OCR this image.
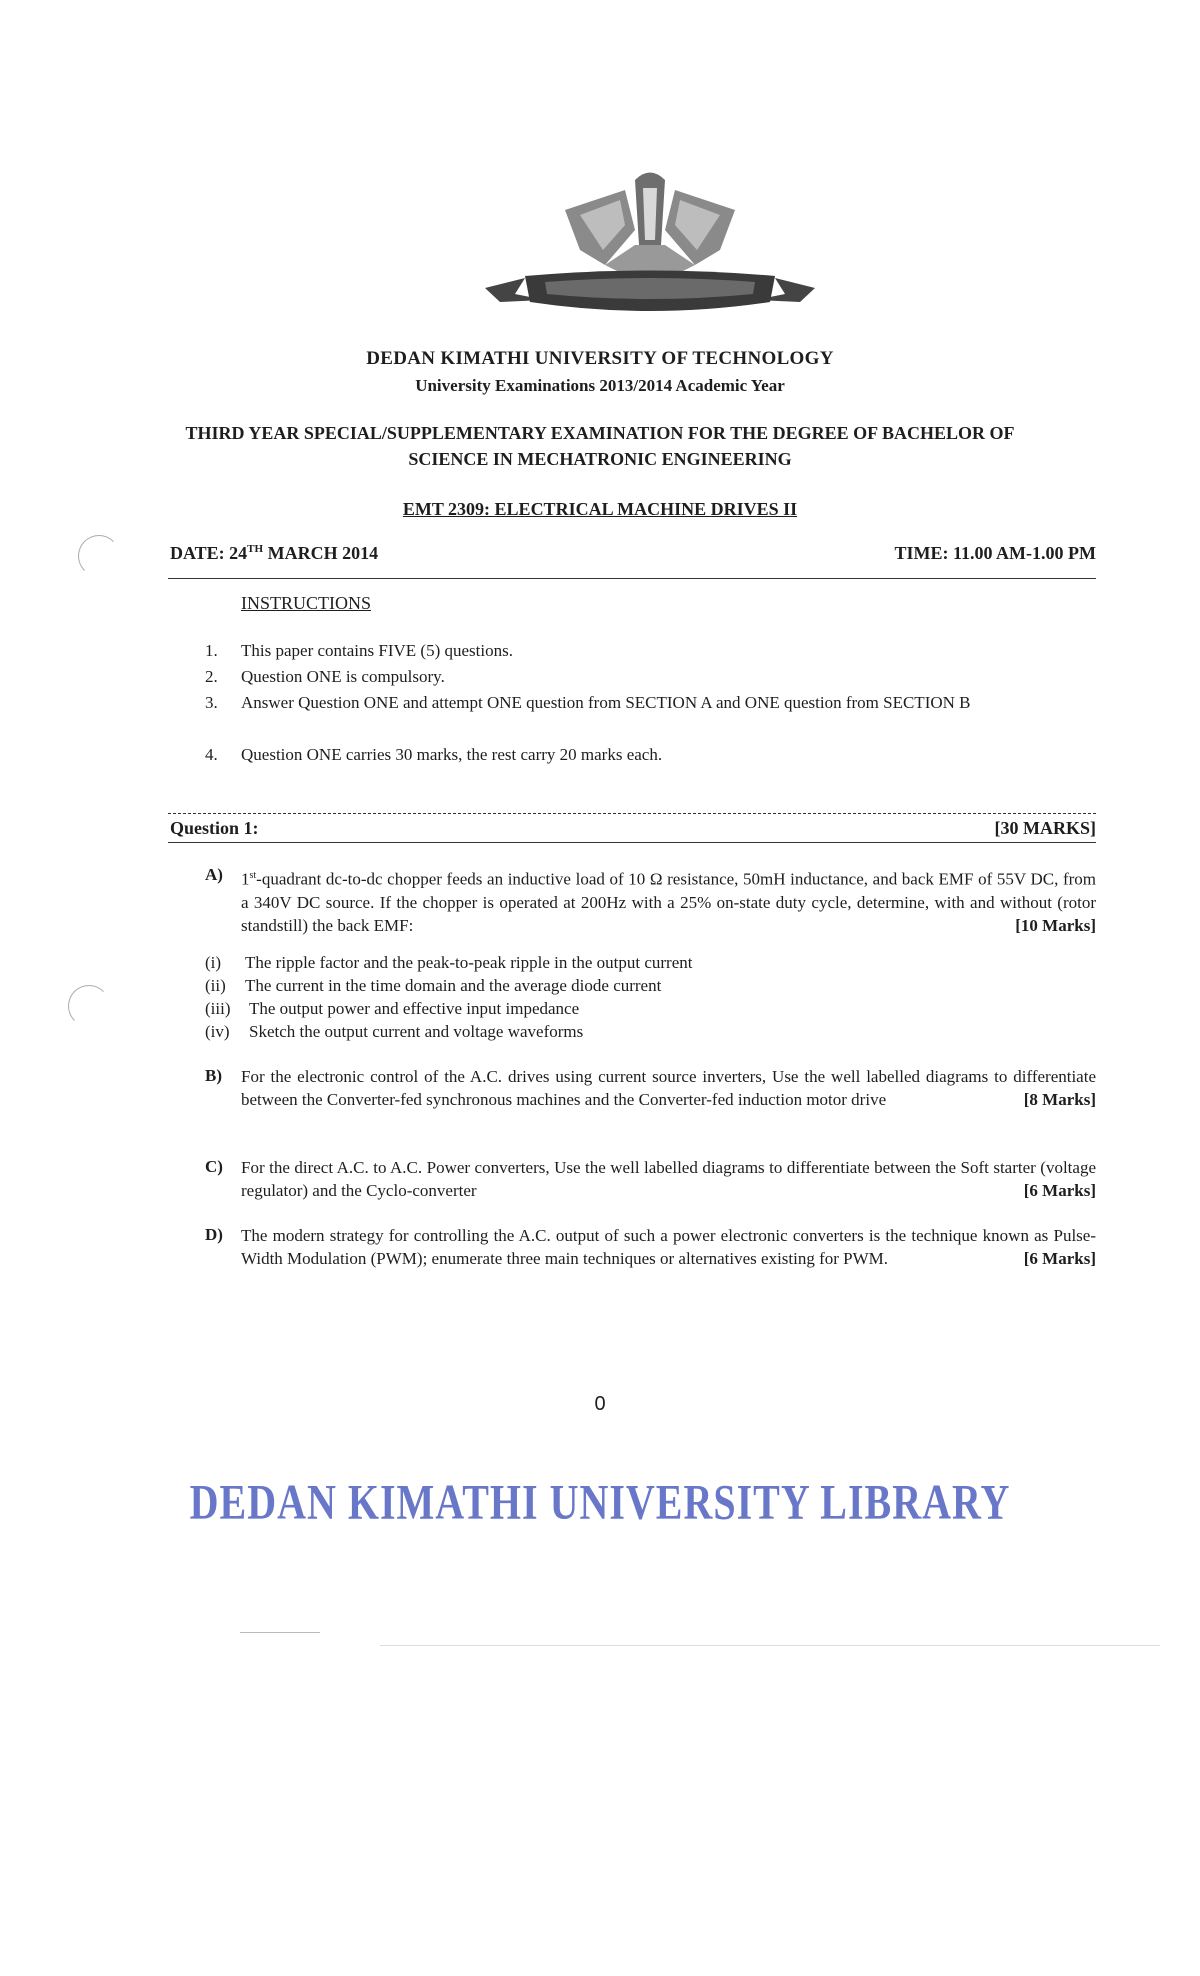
DEDAN KIMATHI UNIVERSITY OF TECHNOLOGY
University Examinations 2013/2014 Academic Year
THIRD YEAR SPECIAL/SUPPLEMENTARY EXAMINATION FOR THE DEGREE OF BACHELOR OF
SCIENCE IN MECHATRONIC ENGINEERING
EMT 2309: ELECTRICAL MACHINE DRIVES II
DATE: 24TH MARCH 2014	TIME: 11.00 AM-1.00 PM
INSTRUCTIONS
1.	This paper contains FIVE (5) questions.
2.	Question ONE is compulsory.
3.	Answer Question ONE and attempt ONE question from SECTION A and ONE question from SECTION B
4.	Question ONE carries 30 marks, the rest carry 20 marks each.
Question 1:	[30 MARKS]
A) 1st-quadrant dc-to-dc chopper feeds an inductive load of 10 Ω resistance, 50mH inductance, and back EMF of 55V DC, from a 340V DC source. If the chopper is operated at 200Hz with a 25% on-state duty cycle, determine, with and without (rotor standstill) the back EMF:	[10 Marks]
(i) The ripple factor and the peak-to-peak ripple in the output current
(ii) The current in the time domain and the average diode current
(iii) The output power and effective input impedance
(iv) Sketch the output current and voltage waveforms
B) For the electronic control of the A.C. drives using current source inverters, Use the well labelled diagrams to differentiate between the Converter-fed synchronous machines and the Converter-fed induction motor drive	[8 Marks]
C) For the direct A.C. to A.C. Power converters, Use the well labelled diagrams to differentiate between the Soft starter (voltage regulator) and the Cyclo-converter	[6 Marks]
D) The modern strategy for controlling the A.C. output of such a power electronic converters is the technique known as Pulse-Width Modulation (PWM); enumerate three main techniques or alternatives existing for PWM.	[6 Marks]
0
DEDAN KIMATHI UNIVERSITY LIBRARY
